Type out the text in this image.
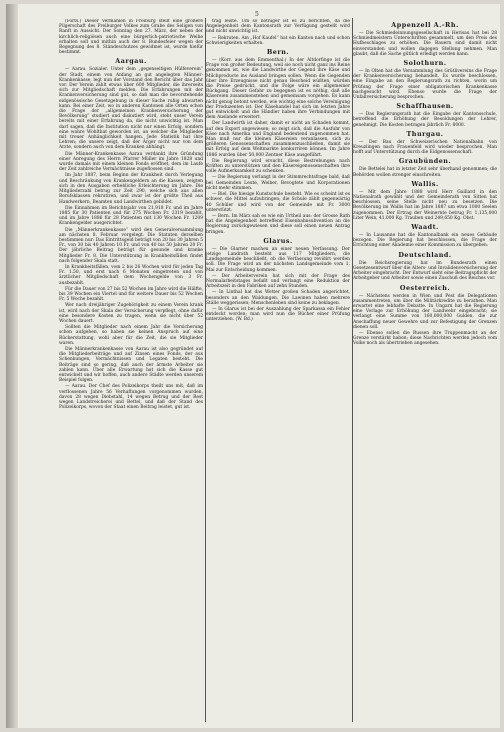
5

(Forts.) Dieser Vermählen in Freiburg stellt eine größere Pilgerschaft des Freiburger Volkes zum Grabe des Seligen von Ranft in Aussicht. Der Sonntag den 27. März, der neben der kirchlich-religiösen auch eine bürgerlich-patriotische Weihe erhalten soll und mithin auch der 8. Bundesfeier wegen der Begegnung des 8. Ständeschutzes gewidmet ist, wurde hiefür bestimmt.

Aargau.

— Aarau. Sozialer. Unter dem „gegenseitigen Hülfeverein“ der Stadt, einem von Anfang an gut angelegten Männer-Krankenkasse, legt nun der Vorstand den Bericht über das Jahr vor. Der Verein zählt etwas über 600 Mitglieder, die ihrerseits sich zur Mitgliedschaft melden. Die Erfahrungen mit der Krankenversicherung sind gut, so daß man die bevorstehende eidgenössische Gesetzgebung in dieser Sache ruhig abwarten kann. Bei einer Zeit, wo in anderen Kantonen alle Orten schon die Frage der „allgemeinen Krankenversicherung der Bevölkerung“ studiert und diskutiert wird, steht unser Verein bereits mit einer Erfahrung da, die nicht unwichtig ist. Man darf sagen, daß die Institution nicht nur einen Erfolg, sondern eine wahre Wohlthat geworden ist, an welcher die Mitglieder mit treuer Anhänglichkeit hangen. Jede Statistik hat ihre Lehren; die unsere zeigt, daß der Ärger nicht nur von dem Arzte, sondern auch von dem Kranken abhängt.

Die Männer-Krankenkasse Aarau verdankt ihre Gründung einer Anregung des Herrn Pfarrer Müller im Jahre 1828 und wurde damals mit einem kleinen Fonds eröffnet, dem im Laufe der Zeit zahlreiche Vermächtnisse zugeflossen sind.

Im Jahr 1887, beim Beginn der Krankheit durch Verlegung und Beschränkung von Krankengeldern an die Kassen, zeigten sich in den Ausgaben erhebliche Erleichterung im Jahre. Die Mitgliederzahl betrug zur Zeit 290, welche sich aus allen Berufsklassen rekrutiren, und zwar ist der größte Theil aus Handwerkern, Beamten und Landwirthen gebildet.

Die Einnahmen im Berichtsjahr von 21,918 Fr. und im Jahre 1885 für 30 Patienten und für 275 Wochen Fr. 2319 bezahlt, und im Jahre 1886 für 28 Patienten mit 130 Wochen Fr. 1209 Krankengelder ausgerichtet.

Die „Männerkrankenkasse“ wird den Generalversammlung am nächsten 8. Februar vorgelegt. Die Statuten derselben bestimmen nur: Das Eintrittsgeld beträgt von 20 bis 30 Jahren 5 Fr., von 30 bis 40 Jahren 10 Fr. und von 40 bis 50 Jahren 20 Fr. Der jährliche Beitrag beträgt für gesunde und kranke Mitglieder Fr. 8. Die Unterstützung in Krankheitsfällen findet nach folgender Skala statt.

In Krankheitsfällen, vom 2 bis 26 Wochen wird für jeden Tag Fr. 1.50, und erst nach 6 Monaten eingetreten und von ärztlicher Mitgliedschaft dem Wochengelde von 3 Fr. ausbezahlt.

Für die Dauer von 27 bis 52 Wochen im Jahre wird die Hälfte, bis 39 Wochen ein Viertel und für weitere Dauer bis 52 Wochen Fr. 5 Woche bezahlt.

Wer nach dreijähriger Zugehörigkeit zu einem Verein krank ist, wird nach der Skala der Versicherung verpflegt, ohne dafür eine besondere Kosten zu tragen, wenn sie nicht über 52 Wochen dauert.

Sollten die Mitglieder nach einem Jahr die Versicherung schon aufgeben, so haben sie keinen Anspruch auf eine Rückerstattung, wohl aber für die Zeit, die sie Mitglieder waren.

Die Männerkrankenkasse von Aarau ist also gegründet auf die Mitgliederbeiträge und auf Zinsen eines Fonds, der aus Schenkungen, Vermächtnissen und Legaten besteht. Die Beiträge sind so gering, daß auch der ärmste Arbeiter sie zahlen kann. Über alle Erwartung hat sich die Kasse gut entwickelt und wir hoffen, auch andere Städte werden unserem Beispiel folgen.

— Aarau. Der Chef des Polizeikorps theilt uns mit, daß im verflossenen Jahre 56 Verhaftungen vorgenommen wurden, davon 28 wegen Diebstahl, 14 wegen Betrug und der Rest wegen Landstreicherei und Bettel, und daß der Stand des Polizeikorps, wovon der Staat einen Beitrag leistet, gut ist.

trag leiste. Um so nöthiger ist es zu berichten, da die Angelegenheit dem Kantonsrath zur Verfügung gestellt wird und nicht unwichtig ist.

— Rekruten. Am „Hof Kaufel“ hat ein Kanton nach und schon Schwierigkeiten erhalten.

Bern.

— (Korr. aus dem Emmenthal.) In der Altdorfinge ist die Frage von großer Bedeutung, weil sie noch nicht ganz ins Reine gekommen ist, wie die Landwirthe der Gegend ihre Käse und Milchproducte ins Ausland bringen sollen. Wenn die Gegenden über ihre Erzeugnisse nicht genau Bescheid wüßten, würden die Preise gedrückt, und die Folge wäre ein allgemeiner Rückgang. Dieser Gefahr zu begegnen ist es nöthig, daß alle Käsereien zusammenstehen und gemeinsam vorgehen. Es kann nicht genug betont werden, wie wichtig eine solche Vereinigung der Produzenten ist. Der Käsehandel hat sich im letzten Jahre gut entwickelt und die Händler haben ihre Verbindungen mit dem Auslande erweitert.

Der Landwirth ist daher, damit er nicht an Schaden kommt, auf den Export angewiesen; so zeigt sich, daß die Ausfuhr von Käse nach Amerika und England bedeutend zugenommen hat. Man muß nur die kleinen Käsereien veranlassen, sich zu größeren Genossenschaften zusammenzuschließen, damit sie mit Erfolg auf dem Weltmarkte konkurriren können. Im Jahre 1886 wurden über 50,000 Zentner Käse ausgeführt.

Die Regierung wird ersucht, diese Bestrebungen nach Kräften zu unterstützen und den Käsereigenossenschaften ihre volle Aufmerksamkeit zu schenken.

— Die Regierung verlangt in der Stimmrechtsfrage bald, daß bei Gemeinden Leute, Weiber, Bevogtete und Korporationen nicht mehr stimmen.

— Biel. Die hiesige Kunstschule besteht. Wie es scheint ist es schwer, die Mittel aufzubringen; die Schule zählt gegenwärtig 40 Schüler und wird von der Gemeinde mit Fr. 3000 unterstützt.

— Bern. Im März sah es wie ein Urtheil aus: der Grosse Rath hat die Angelegenheit betreffend Eisenbahnsubvention an die Regierung zurückgewiesen und diese soll einen neuen Antrag bringen.

Glarus.

— Die Glarner machen an einer neuen Verfassung. Der jetzige Landrath besteht aus 117 Mitgliedern, die Landsgemeinde beschließt, ob die Verfassung revidirt werden soll. Die Frage wird an der nächsten Landsgemeinde vom 1. Mai zur Entscheidung kommen.

— Der Arbeiterverein hat sich mit der Frage des Normalarbeitstages befaßt und verlangt eine Reduktion der Arbeitszeit in den Fabriken auf zehn Stunden.

— In Linthal hat das Wetter großen Schaden angerichtet, besonders an den Waldungen. Die Lawinen haben mehrere Ställe weggerissen; Menschenleben sind keine zu beklagen.

— In Glarus ist bei der Auszahlung der Sparkassa ein Fehler entdeckt worden; man wird nun die Bücher einer Prüfung unterziehen. (W. Bd.)

Appenzell A.-Rh.

— Die Schmiedeinnungsgesellschaft in Herisau hat bei 28 Schmiedmeistern Unterschriften gesammelt, um den Preis des Hufbeschlages zu erhöhen. Die Bauern sind damit nicht einverstanden und wollen dagegen Stellung nehmen. Man glaubt, daß die Sache gütlich erledigt werden kann.

Solothurn.

— In Olten hat die Versammlung des Grütlivereins die Frage der Krankenversicherung behandelt. Es wurde beschlossen, eine Eingabe an den Regierungsrath zu richten, worin um Prüfung der Frage einer obligatorischen Krankenkasse nachgesucht wird. Ebenso wurde die Frage der Unfallversicherung besprochen.

Schaffhausen.

— Das Regierungsrath hat die Eingabe der Kantonsschule, betreffend die Erhöhung der Besoldungen der Lehrer, genehmigt. Die Kosten betragen jährlich Fr. 8000.

Thurgau.

— Der Bau der Schweizerischen Nationalbahn von Kreuzlingen nach Frauenfeld wird wieder besprochen. Man hofft auf Unterstützung durch die Eidgenossenschaft.

Graubünden.

Die Bettelei hat in letzter Zeit sehr überhand genommen; die Behörden wollen strenger einschreiten.

Wallis.

— Mit dem Jahre 1888 wird Herr Gaillard in den Nationalrath gewählt und der Gemeinderath von Sitten hat beschlossen, seine Stelle nicht neu zu besetzen. Die Bevölkerung im Wallis hat im Jahre 1887 um etwa 1000 Seelen zugenommen. Der Ertrag der Weinernte betrug Fr. 1,135,000 Liter Wein, 41,000 Kg. Trauben und 249,650 Kg. Obst.

Waadt.

— In Lausanne hat die Kantonalbank ein neues Gebäude bezogen. Die Regierung hat beschlossen, die Frage der Errichtung einer Akademie einer Kommission zu übergeben.

Deutschland.

Die Reichsregierung hat im Bundesrath einen Gesetzesentwurf über die Alters- und Invalidenversicherung der Arbeiter eingebracht. Der Entwurf sieht eine Beitragspflicht der Arbeitgeber und Arbeiter sowie einen Zuschuß des Reiches vor.

Oesterreich.

— Nächstens werden in Wien und Pest die Delegationen zusammentreten, um über die Militärkredite zu berathen. Man erwartet eine lebhafte Debatte. In Ungarn hat die Regierung eine Vorlage zur Erhöhung der Landwehr eingebracht; sie verlangt eine Summe von 160,000,000 Gulden, die zur Anschaffung neuer Gewehre und zur Befestigung der Grenzen dienen soll.

— Ebenso sollen die Russen ihre Truppenmacht an der Grenze verstärkt haben; diese Nachrichten werden jedoch vom Volke noch als übertrieben angesehen.
